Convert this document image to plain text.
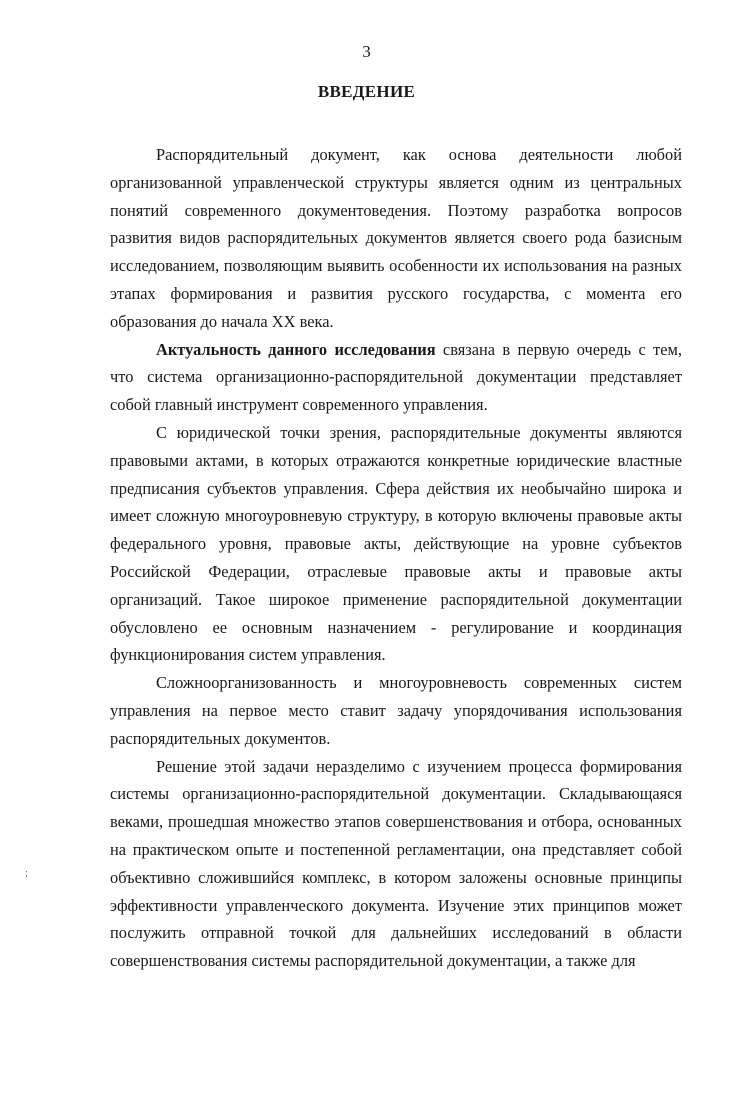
3
ВВЕДЕНИЕ

Распорядительный документ, как основа деятельности любой организованной управленческой структуры является одним из центральных понятий современного документоведения. Поэтому разработка вопросов развития видов распорядительных документов является своего рода базисным исследованием, позволяющим выявить особенности их использования на разных этапах формирования и развития русского государства, с момента его образования до начала XX века.

Актуальность данного исследования связана в первую очередь с тем, что система организационно-распорядительной документации представляет собой главный инструмент современного управления.

С юридической точки зрения, распорядительные документы являются правовыми актами, в которых отражаются конкретные юридические властные предписания субъектов управления. Сфера действия их необычайно широка и имеет сложную многоуровневую структуру, в которую включены правовые акты федерального уровня, правовые акты, действующие на уровне субъектов Российской Федерации, отраслевые правовые акты и правовые акты организаций. Такое широкое применение распорядительной документации обусловлено ее основным назначением - регулирование и координация функционирования систем управления.

Сложноорганизованность и многоуровневость современных систем управления на первое место ставит задачу упорядочивания использования распорядительных документов.

Решение этой задачи неразделимо с изучением процесса формирования системы организационно-распорядительной документации. Складывающаяся веками, прошедшая множество этапов совершенствования и отбора, основанных на практическом опыте и постепенной регламентации, она представляет собой объективно сложившийся комплекс, в котором заложены основные принципы эффективности управленческого документа. Изучение этих принципов может послужить отправной точкой для дальнейших исследований в области совершенствования системы распорядительной документации, а также для

;
